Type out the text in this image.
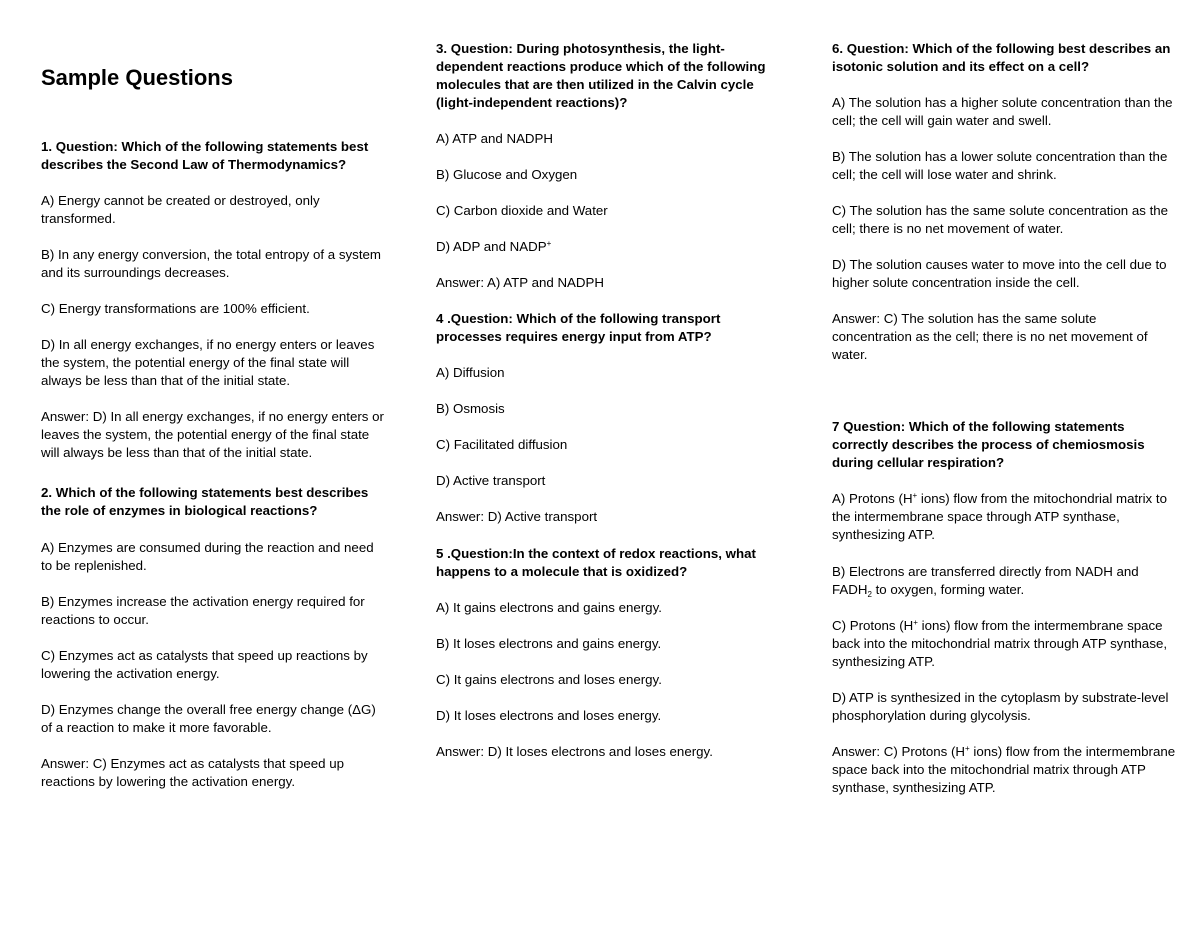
Sample Questions

1. Question: Which of the following statements best describes the Second Law of Thermodynamics?

A) Energy cannot be created or destroyed, only transformed.

B) In any energy conversion, the total entropy of a system and its surroundings decreases.

C) Energy transformations are 100% efficient.

D) In all energy exchanges, if no energy enters or leaves the system, the potential energy of the final state will always be less than that of the initial state.

Answer: D) In all energy exchanges, if no energy enters or leaves the system, the potential energy of the final state will always be less than that of the initial state.

2. Which of the following statements best describes the role of enzymes in biological reactions?

A) Enzymes are consumed during the reaction and need to be replenished.

B) Enzymes increase the activation energy required for reactions to occur.

C) Enzymes act as catalysts that speed up reactions by lowering the activation energy.

D) Enzymes change the overall free energy change (ΔG) of a reaction to make it more favorable.

Answer: C) Enzymes act as catalysts that speed up reactions by lowering the activation energy.

3. Question: During photosynthesis, the light-dependent reactions produce which of the following molecules that are then utilized in the Calvin cycle (light-independent reactions)?

A) ATP and NADPH

B) Glucose and Oxygen

C) Carbon dioxide and Water

D) ADP and NADP+

Answer: A) ATP and NADPH

4 .Question: Which of the following transport processes requires energy input from ATP?

A) Diffusion

B) Osmosis

C) Facilitated diffusion

D) Active transport

Answer: D) Active transport

5 .Question:In the context of redox reactions, what happens to a molecule that is oxidized?

A) It gains electrons and gains energy.

B) It loses electrons and gains energy.

C) It gains electrons and loses energy.

D) It loses electrons and loses energy.

Answer: D) It loses electrons and loses energy.

6. Question: Which of the following best describes an isotonic solution and its effect on a cell?

A) The solution has a higher solute concentration than the cell; the cell will gain water and swell.

B) The solution has a lower solute concentration than the cell; the cell will lose water and shrink.

C) The solution has the same solute concentration as the cell; there is no net movement of water.

D) The solution causes water to move into the cell due to higher solute concentration inside the cell.

Answer: C) The solution has the same solute concentration as the cell; there is no net movement of water.

7 Question: Which of the following statements correctly describes the process of chemiosmosis during cellular respiration?

A) Protons (H+ ions) flow from the mitochondrial matrix to the intermembrane space through ATP synthase, synthesizing ATP.

B) Electrons are transferred directly from NADH and $FADH_2$ to oxygen, forming water.

C) Protons (H+ ions) flow from the intermembrane space back into the mitochondrial matrix through ATP synthase, synthesizing ATP.

D) ATP is synthesized in the cytoplasm by substrate-level phosphorylation during glycolysis.

Answer: C) Protons (H+ ions) flow from the intermembrane space back into the mitochondrial matrix through ATP synthase, synthesizing ATP.
